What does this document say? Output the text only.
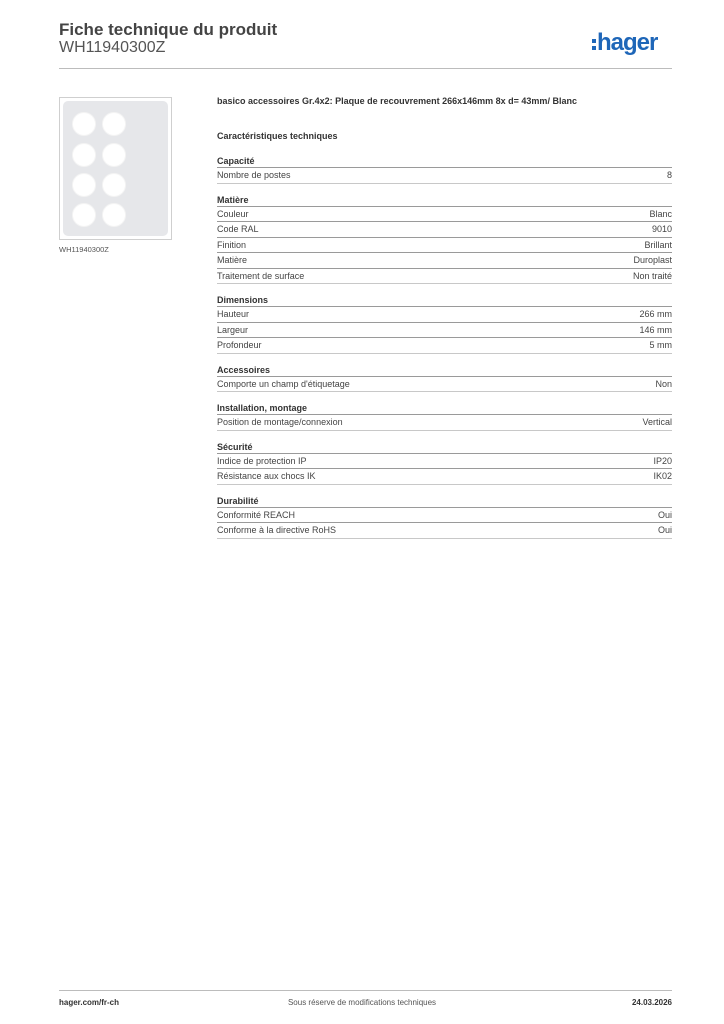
Fiche technique du produit
WH11940300Z	hager
WH11940300Z
basico accessoires Gr.4x2: Plaque de recouvrement 266x146mm 8x d= 43mm/ Blanc
Caractéristiques techniques
Capacité
Nombre de postes	8
Matière
Couleur	Blanc
Code RAL	9010
Finition	Brillant
Matière	Duroplast
Traitement de surface	Non traité
Dimensions
Hauteur	266 mm
Largeur	146 mm
Profondeur	5 mm
Accessoires
Comporte un champ d'étiquetage	Non
Installation, montage
Position de montage/connexion	Vertical
Sécurité
Indice de protection IP	IP20
Résistance aux chocs IK	IK02
Durabilité
Conformité REACH	Oui
Conforme à la directive RoHS	Oui
hager.com/fr-ch	Sous réserve de modifications techniques	24.03.2026
